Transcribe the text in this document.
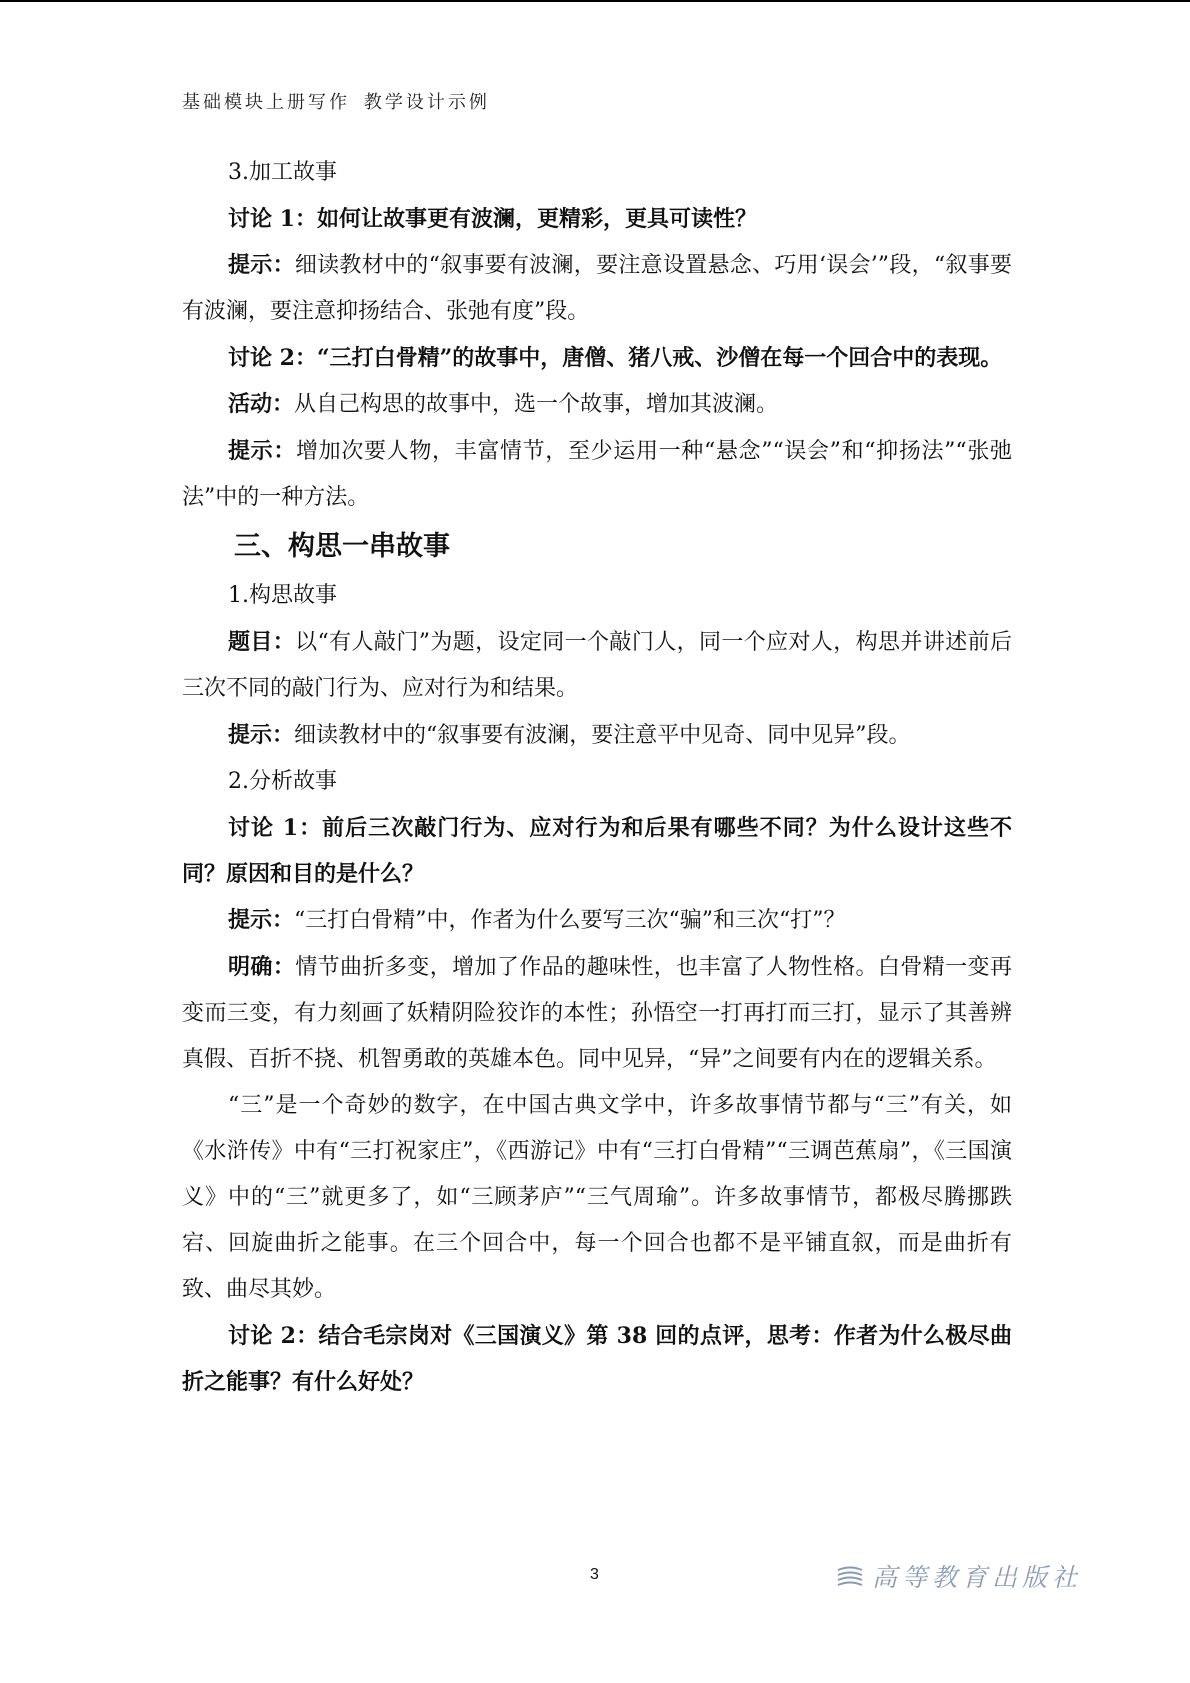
基础模块上册写作 教学设计示例

3.加工故事

讨论 1：如何让故事更有波澜，更精彩，更具可读性？

提示：细读教材中的“叙事要有波澜，要注意设置悬念、巧用‘误会’”段，“叙事要有波澜，要注意抑扬结合、张弛有度”段。

讨论 2：“三打白骨精”的故事中，唐僧、猪八戒、沙僧在每一个回合中的表现。

活动：从自己构思的故事中，选一个故事，增加其波澜。

提示：增加次要人物，丰富情节，至少运用一种“悬念”“误会”和“抑扬法”“张弛法”中的一种方法。

三、构思一串故事

1.构思故事

题目：以“有人敲门”为题，设定同一个敲门人，同一个应对人，构思并讲述前后三次不同的敲门行为、应对行为和结果。

提示：细读教材中的“叙事要有波澜，要注意平中见奇、同中见异”段。

2.分析故事

讨论 1：前后三次敲门行为、应对行为和后果有哪些不同？为什么设计这些不同？原因和目的是什么？

提示：“三打白骨精”中，作者为什么要写三次“骗”和三次“打”？

明确：情节曲折多变，增加了作品的趣味性，也丰富了人物性格。白骨精一变再变而三变，有力刻画了妖精阴险狡诈的本性；孙悟空一打再打而三打，显示了其善辨真假、百折不挠、机智勇敢的英雄本色。同中见异，“异”之间要有内在的逻辑关系。

“三”是一个奇妙的数字，在中国古典文学中，许多故事情节都与“三”有关，如《水浒传》中有“三打祝家庄”，《西游记》中有“三打白骨精”“三调芭蕉扇”，《三国演义》中的“三”就更多了，如“三顾茅庐”“三气周瑜”。许多故事情节，都极尽腾挪跌宕、回旋曲折之能事。在三个回合中，每一个回合也都不是平铺直叙，而是曲折有致、曲尽其妙。

讨论 2：结合毛宗岗对《三国演义》第 38 回的点评，思考：作者为什么极尽曲折之能事？有什么好处？

3	高等教育出版社
